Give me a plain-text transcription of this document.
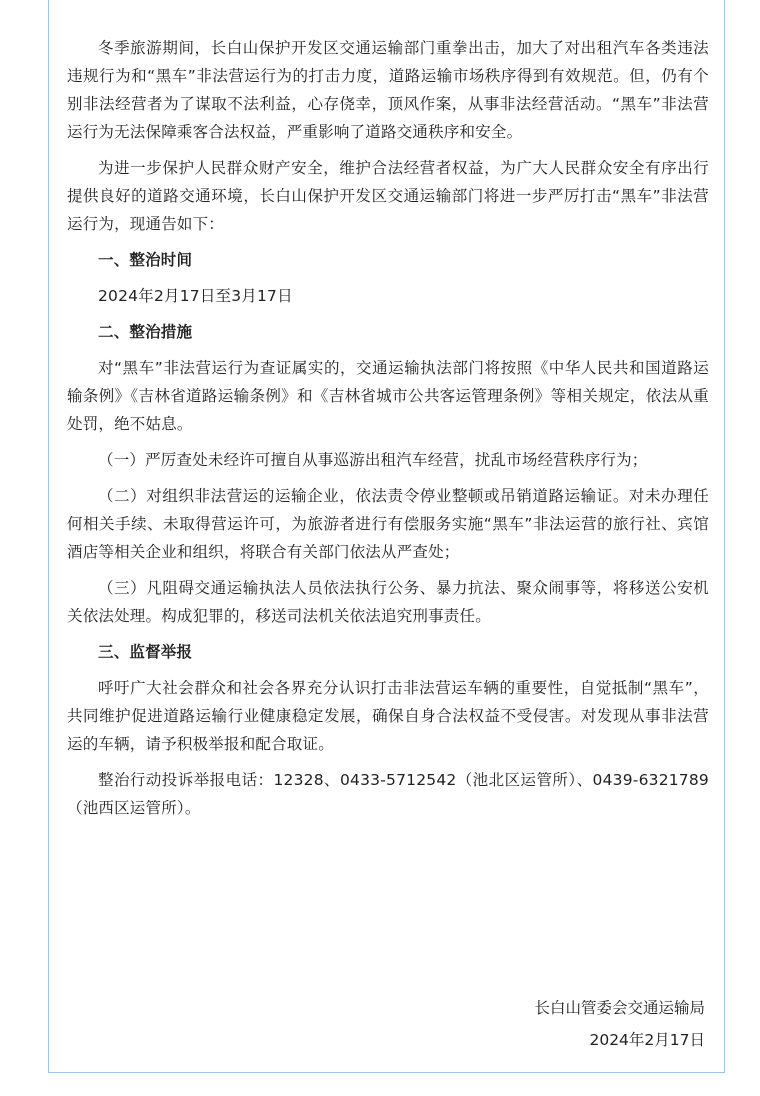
冬季旅游期间，长白山保护开发区交通运输部门重拳出击，加大了对出租汽车各类违法违规行为和“黑车”非法营运行为的打击力度，道路运输市场秩序得到有效规范。但，仍有个别非法经营者为了谋取不法利益，心存侥幸，顶风作案，从事非法经营活动。“黑车”非法营运行为无法保障乘客合法权益，严重影响了道路交通秩序和安全。

为进一步保护人民群众财产安全，维护合法经营者权益，为广大人民群众安全有序出行提供良好的道路交通环境，长白山保护开发区交通运输部门将进一步严厉打击“黑车”非法营运行为，现通告如下：

一、整治时间

2024年2月17日至3月17日

二、整治措施

对“黑车”非法营运行为查证属实的，交通运输执法部门将按照《中华人民共和国道路运输条例》《吉林省道路运输条例》和《吉林省城市公共客运管理条例》等相关规定，依法从重处罚，绝不姑息。

（一）严厉查处未经许可擅自从事巡游出租汽车经营，扰乱市场经营秩序行为；

（二）对组织非法营运的运输企业，依法责令停业整顿或吊销道路运输证。对未办理任何相关手续、未取得营运许可，为旅游者进行有偿服务实施“黑车”非法运营的旅行社、宾馆酒店等相关企业和组织，将联合有关部门依法从严查处；

（三）凡阻碍交通运输执法人员依法执行公务、暴力抗法、聚众闹事等，将移送公安机关依法处理。构成犯罪的，移送司法机关依法追究刑事责任。

三、监督举报

呼吁广大社会群众和社会各界充分认识打击非法营运车辆的重要性，自觉抵制“黑车”，共同维护促进道路运输行业健康稳定发展，确保自身合法权益不受侵害。对发现从事非法营运的车辆，请予积极举报和配合取证。

整治行动投诉举报电话：12328、0433-5712542（池北区运管所）、0439-6321789（池西区运管所）。

长白山管委会交通运输局
2024年2月17日
